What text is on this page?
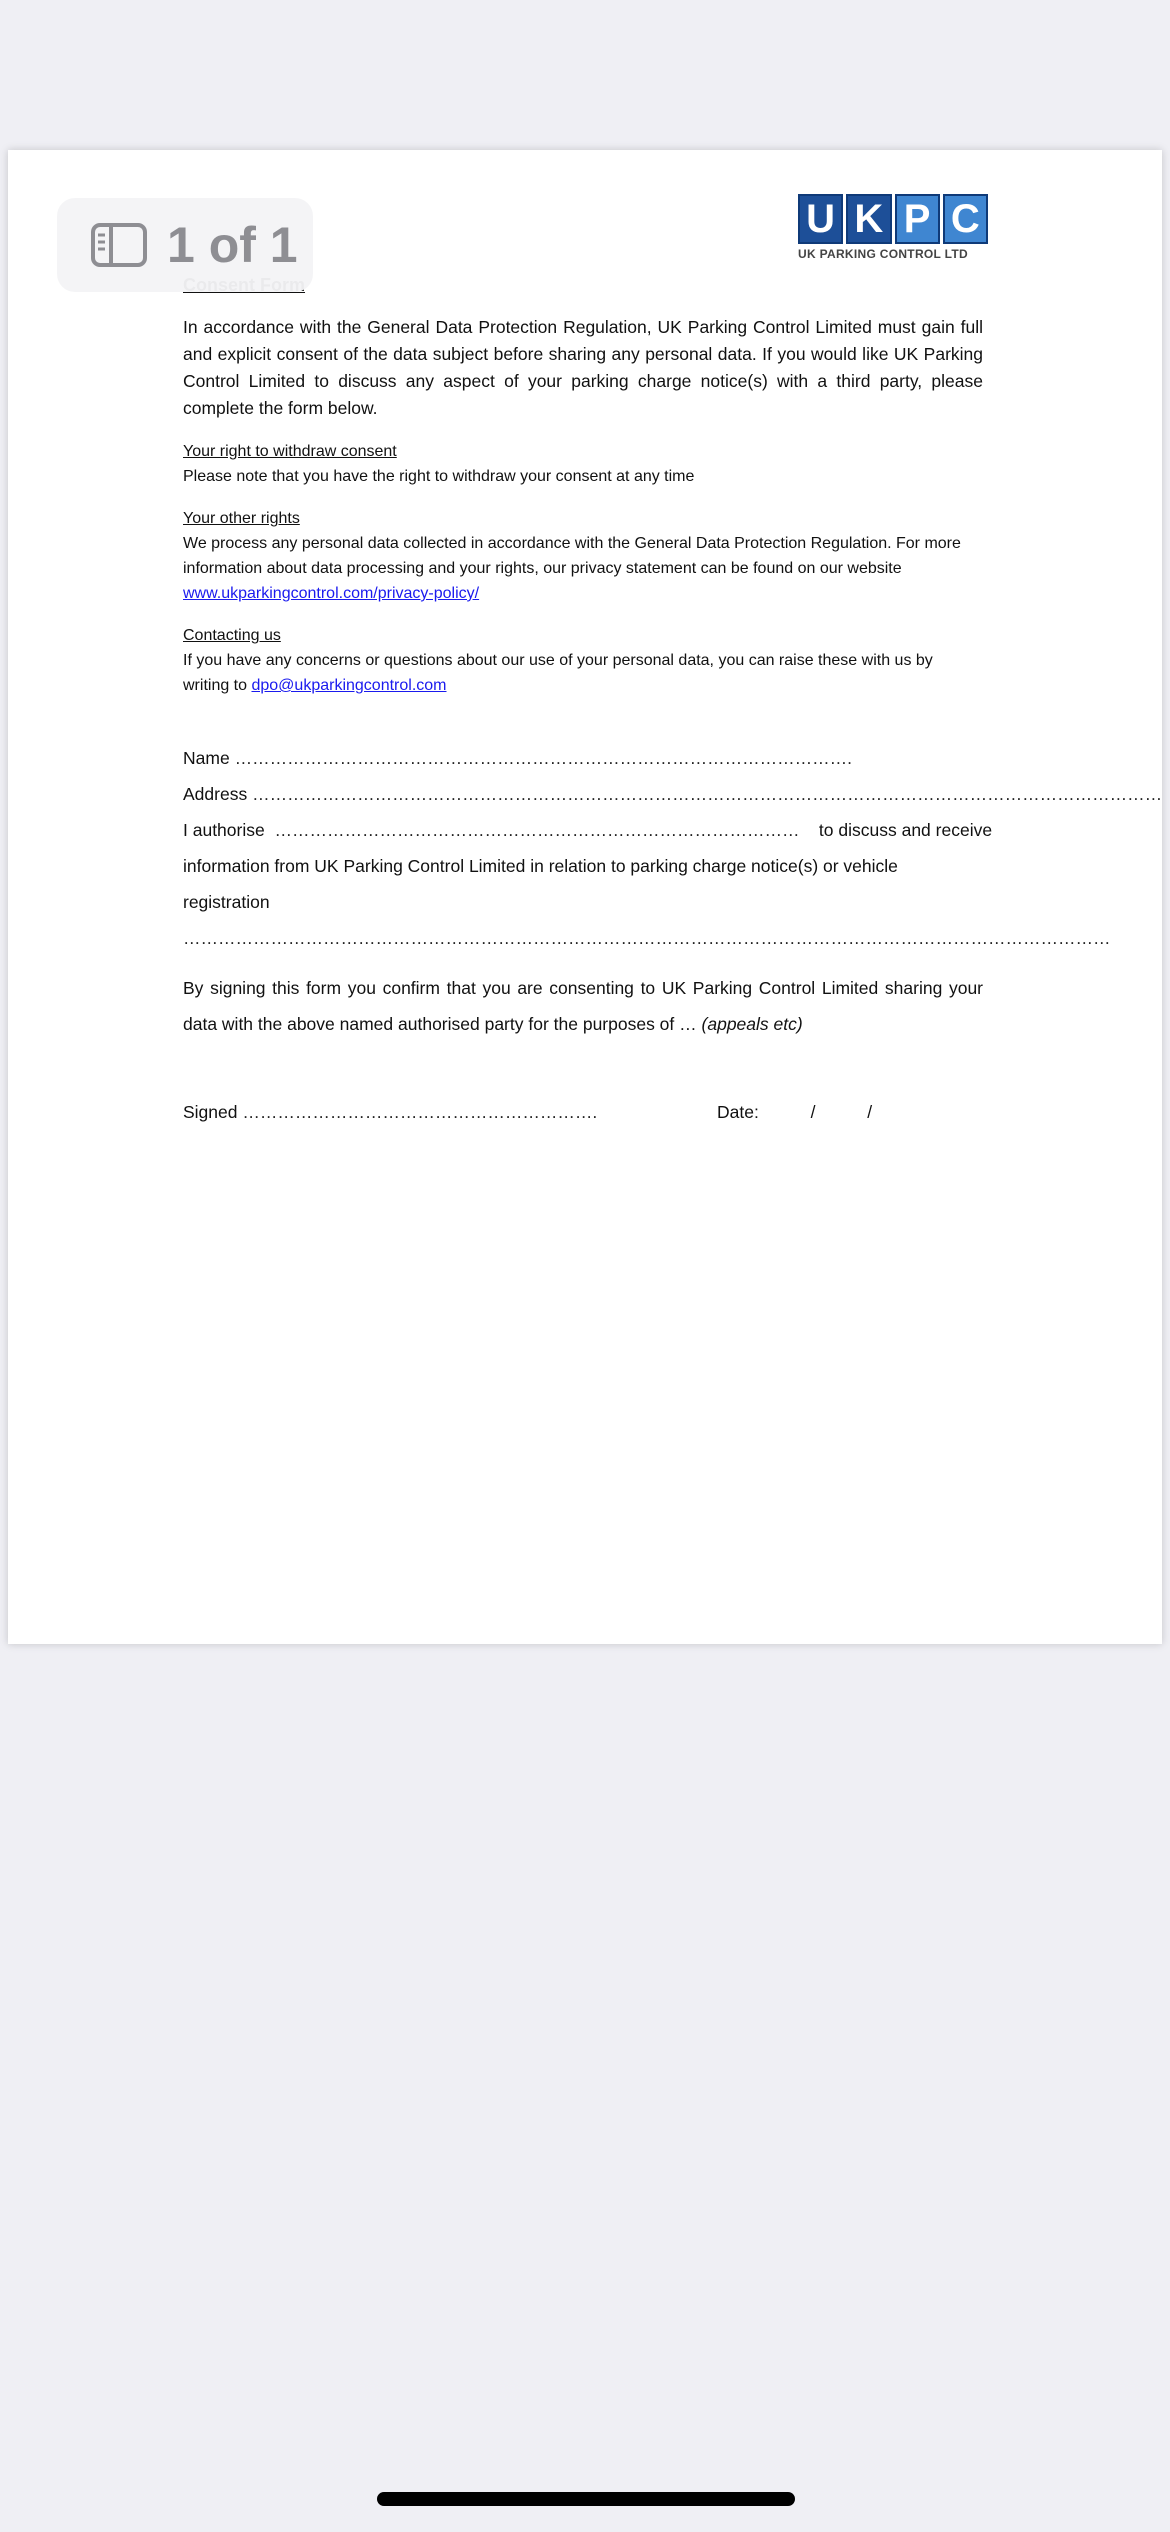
U K P C
UK PARKING CONTROL LTD

In accordance with the General Data Protection Regulation, UK Parking Control Limited must gain full and explicit consent of the data subject before sharing any personal data. If you would like UK Parking Control Limited to discuss any aspect of your parking charge notice(s) with a third party, please complete the form below.

Your right to withdraw consent

Please note that you have the right to withdraw your consent at any time

Your other rights

We process any personal data collected in accordance with the General Data Protection Regulation. For more information about data processing and your rights, our privacy statement can be found on our website
www.ukparkingcontrol.com/privacy-policy/

Contacting us

If you have any concerns or questions about our use of your personal data, you can raise these with us by writing to dpo@ukparkingcontrol.com

Name …………………………………………………………………………………………….

Address …………………………………………………………………………………………………………………………………………

I authorise  ………………………………………………………………………………    to discuss and receive

information from UK Parking Control Limited in relation to parking charge notice(s) or vehicle

registration

……………………………………………………………………………………………………………………………………………

By signing this form you confirm that you are consenting to UK Parking Control Limited sharing your data with the above named authorised party for the purposes of … (appeals etc)

Signed …………………………………………………….	Date:	/	/

1 of 1
